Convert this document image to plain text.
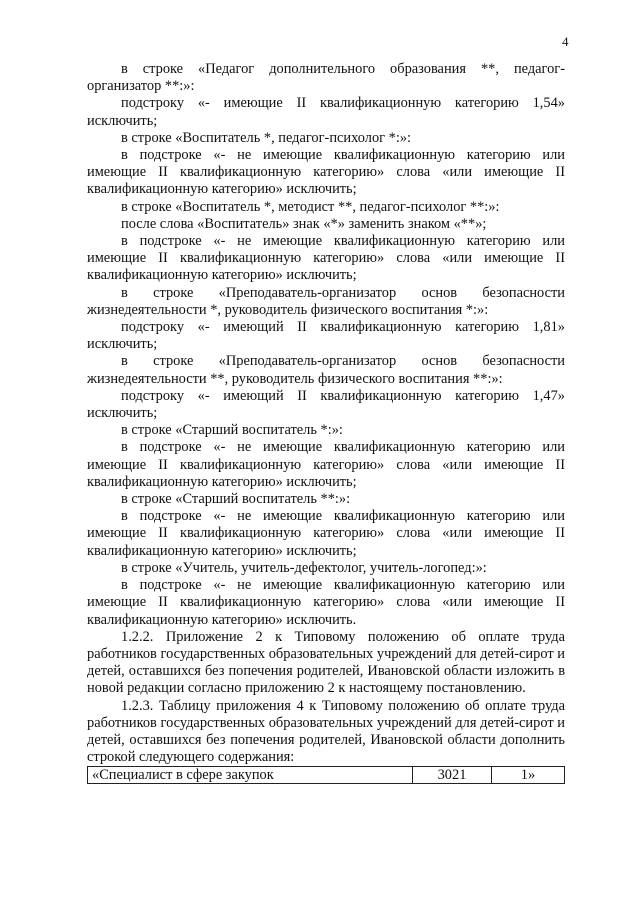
4

в строке «Педагог дополнительного образования **, педагог-организатор **:»:

подстроку «- имеющие II квалификационную категорию 1,54» исключить;

в строке «Воспитатель *, педагог-психолог *:»:

в подстроке «- не имеющие квалификационную категорию или имеющие II квалификационную категорию» слова «или имеющие II квалификационную категорию» исключить;

в строке «Воспитатель *, методист **, педагог-психолог **:»:

после слова «Воспитатель» знак «*» заменить знаком «**»;

в подстроке «- не имеющие квалификационную категорию или имеющие II квалификационную категорию» слова «или имеющие II квалификационную категорию» исключить;

в строке «Преподаватель-организатор основ безопасности жизнедеятельности *, руководитель физического воспитания *:»:

подстроку «- имеющий II квалификационную категорию 1,81» исключить;

в строке «Преподаватель-организатор основ безопасности жизнедеятельности **, руководитель физического воспитания **:»:

подстроку «- имеющий II квалификационную категорию 1,47» исключить;

в строке «Старший воспитатель *:»:

в подстроке «- не имеющие квалификационную категорию или имеющие II квалификационную категорию» слова «или имеющие II квалификационную категорию» исключить;

в строке «Старший воспитатель **:»:

в подстроке «- не имеющие квалификационную категорию или имеющие II квалификационную категорию» слова «или имеющие II квалификационную категорию» исключить;

в строке «Учитель, учитель-дефектолог, учитель-логопед:»:

в подстроке «- не имеющие квалификационную категорию или имеющие II квалификационную категорию» слова «или имеющие II квалификационную категорию» исключить.

1.2.2. Приложение 2 к Типовому положению об оплате труда работников государственных образовательных учреждений для детей-сирот и детей, оставшихся без попечения родителей, Ивановской области изложить в новой редакции согласно приложению 2 к настоящему постановлению.

1.2.3. Таблицу приложения 4 к Типовому положению об оплате труда работников государственных образовательных учреждений для детей-сирот и детей, оставшихся без попечения родителей, Ивановской области дополнить строкой следующего содержания:

«Специалист в сфере закупок	3021	1»
